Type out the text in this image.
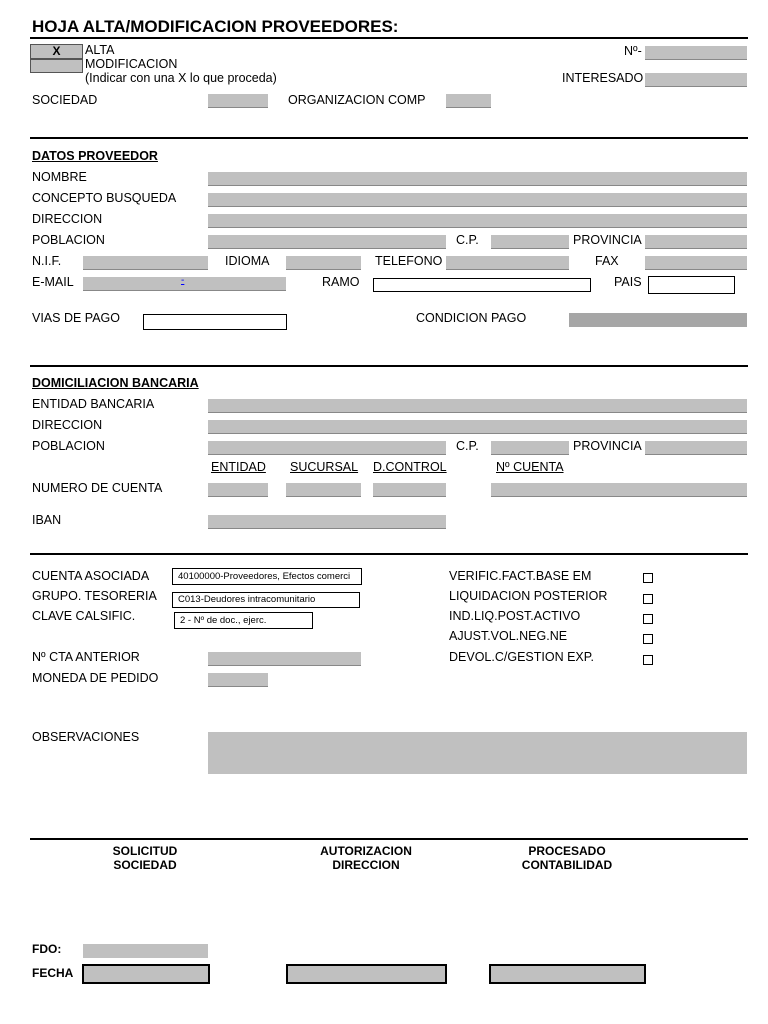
HOJA ALTA/MODIFICACION PROVEEDORES:
X	ALTA
MODIFICACION
(Indicar con una X lo que proceda)
Nº-
INTERESADO
SOCIEDAD	ORGANIZACION COMP
DATOS PROVEEDOR
NOMBRE
CONCEPTO BUSQUEDA
DIRECCION
POBLACION	C.P.	PROVINCIA
N.I.F.	IDIOMA	TELEFONO	FAX
E-MAIL	-	RAMO	PAIS
VIAS DE PAGO	CONDICION PAGO
DOMICILIACION BANCARIA
ENTIDAD BANCARIA
DIRECCION
POBLACION	C.P.	PROVINCIA
ENTIDAD SUCURSAL D.CONTROL	Nº CUENTA
NUMERO DE CUENTA
IBAN
CUENTA ASOCIADA	40100000-Proveedores, Efectos comerci
GRUPO. TESORERIA	C013-Deudores intracomunitario
CLAVE CALSIFIC.	2 - Nº de doc., ejerc.
Nº CTA ANTERIOR
MONEDA DE PEDIDO
VERIFIC.FACT.BASE EM
LIQUIDACION POSTERIOR
IND.LIQ.POST.ACTIVO
AJUST.VOL.NEG.NE
DEVOL.C/GESTION EXP.
OBSERVACIONES
SOLICITUD
SOCIEDAD
AUTORIZACION
DIRECCION
PROCESADO
CONTABILIDAD
FDO:
FECHA
